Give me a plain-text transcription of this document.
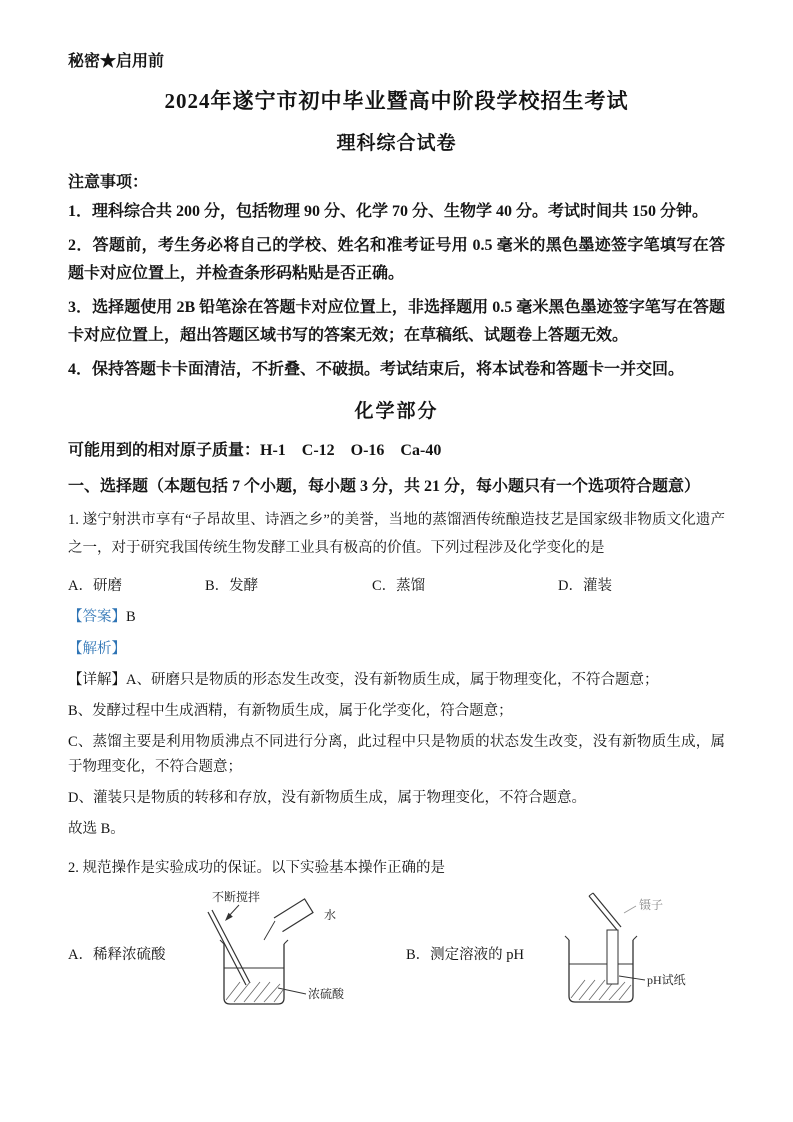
秘密★启用前
2024年遂宁市初中毕业暨高中阶段学校招生考试
理科综合试卷
注意事项：

1．理科综合共 200 分，包括物理 90 分、化学 70 分、生物学 40 分。考试时间共 150 分钟。

2．答题前，考生务必将自己的学校、姓名和准考证号用 0.5 毫米的黑色墨迹签字笔填写在答题卡对应位置上，并检查条形码粘贴是否正确。

3．选择题使用 2B 铅笔涂在答题卡对应位置上，非选择题用 0.5 毫米黑色墨迹签字笔写在答题卡对应位置上，超出答题区域书写的答案无效；在草稿纸、试题卷上答题无效。

4．保持答题卡卡面清洁，不折叠、不破损。考试结束后，将本试卷和答题卡一并交回。

化学部分

可能用到的相对原子质量：H-1    C-12    O-16    Ca-40

一、选择题（本题包括 7 个小题，每小题 3 分，共 21 分，每小题只有一个选项符合题意）

1. 遂宁射洪市享有“子昂故里、诗酒之乡”的美誉，当地的蒸馏酒传统酿造技艺是国家级非物质文化遗产之一，对于研究我国传统生物发酵工业具有极高的价值。下列过程涉及化学变化的是

A．研磨	B．发酵	C．蒸馏	D．灌装

【答案】B

【解析】

【详解】A、研磨只是物质的形态发生改变，没有新物质生成，属于物理变化，不符合题意；

B、发酵过程中生成酒精，有新物质生成，属于化学变化，符合题意；

C、蒸馏主要是利用物质沸点不同进行分离，此过程中只是物质的状态发生改变，没有新物质生成，属于物理变化，不符合题意；

D、灌装只是物质的转移和存放，没有新物质生成，属于物理变化，不符合题意。

故选 B。

2. 规范操作是实验成功的保证。以下实验基本操作正确的是

A．稀释浓硫酸
不断搅拌
水
浓硫酸
B．测定溶液的 pH
镊子
pH试纸
